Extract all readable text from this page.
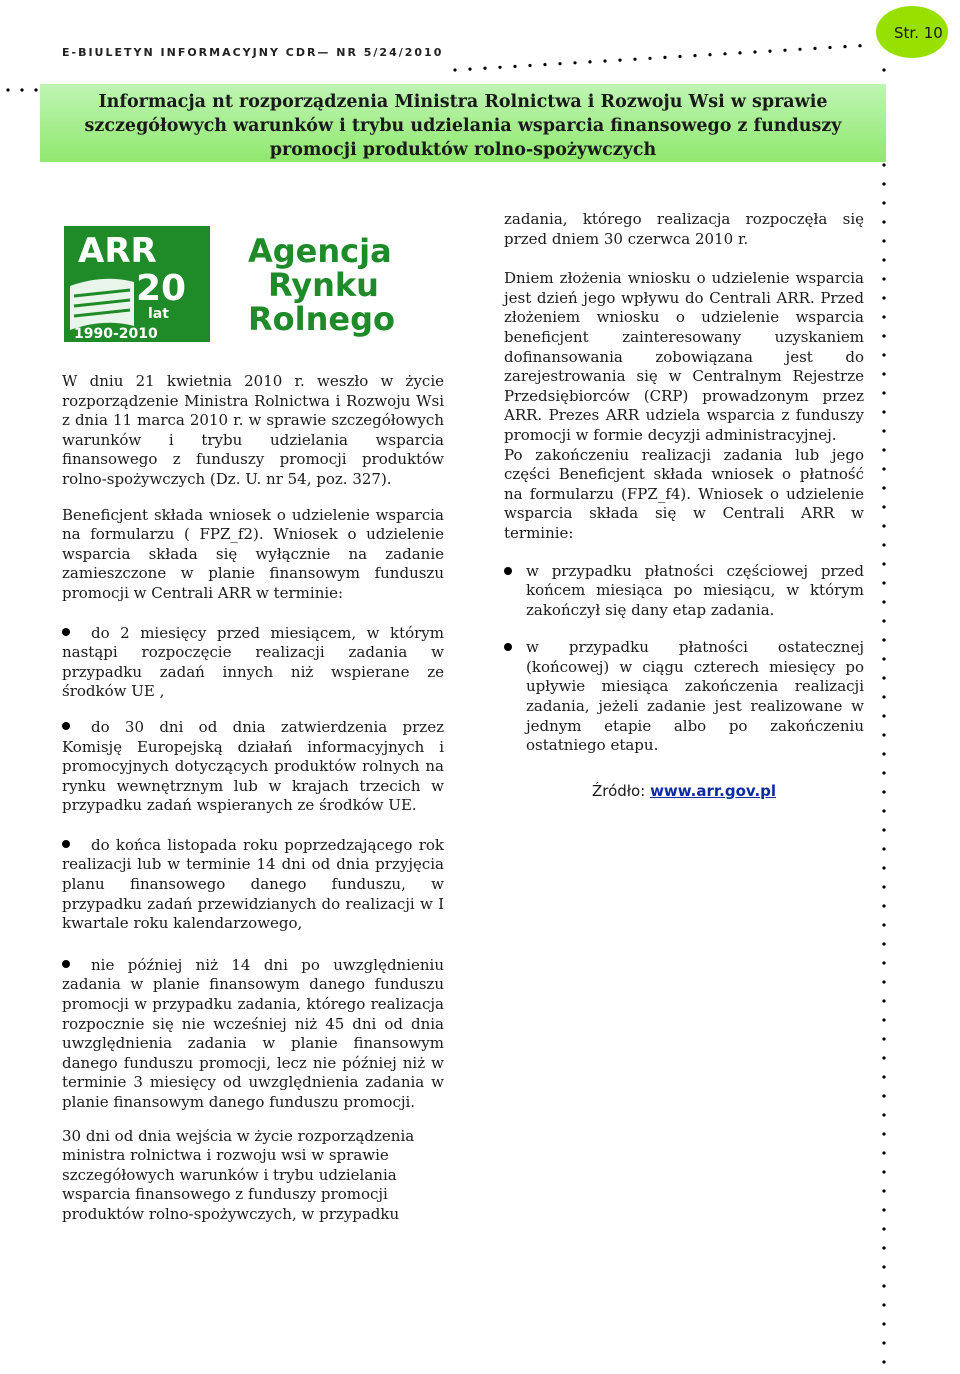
E-BIULETYN INFORMACYJNY CDR— NR 5/24/2010
Str. 10
Informacja nt rozporządzenia Ministra Rolnictwa i Rozwoju Wsi w sprawie
szczegółowych warunków i trybu udzielania wsparcia finansowego z funduszy
promocji produktów rolno-spożywczych
ARR
20
lat
1990-2010
Agencja
Rynku
Rolnego

W dniu 21 kwietnia 2010 r. weszło w życie rozporządzenie Ministra Rolnictwa i Rozwoju Wsi z dnia 11 marca 2010 r. w sprawie szczegółowych warunków i trybu udzielania wsparcia finansowego z funduszy promocji produktów rolno-spożywczych (Dz. U. nr 54, poz. 327).

Beneficjent składa wniosek o udzielenie wsparcia na formularzu ( FPZ_f2). Wniosek o udzielenie wsparcia składa się wyłącznie na zadanie zamieszczone w planie finansowym funduszu promocji w Centrali ARR w terminie:

do 2 miesięcy przed miesiącem, w którym nastąpi rozpoczęcie realizacji zadania w przypadku zadań innych niż wspierane ze środków UE ,

do 30 dni od dnia zatwierdzenia przez Komisję Europejską działań informacyjnych i promocyjnych dotyczących produktów rolnych na rynku wewnętrznym lub w krajach trzecich w przypadku zadań wspieranych ze środków UE.

do końca listopada roku poprzedzającego rok realizacji lub w terminie 14 dni od dnia przyjęcia planu finansowego danego funduszu, w przypadku zadań przewidzianych do realizacji w I kwartale roku kalendarzowego,

nie później niż 14 dni po uwzględnieniu zadania w planie finansowym danego funduszu promocji w przypadku zadania, którego realizacja rozpocznie się nie wcześniej niż 45 dni od dnia uwzględnienia zadania w planie finansowym danego funduszu promocji, lecz nie później niż w terminie 3 miesięcy od uwzględnienia zadania w planie finansowym danego funduszu promocji.

30 dni od dnia wejścia w życie rozporządzenia ministra rolnictwa i rozwoju wsi w sprawie szczegółowych warunków i trybu udzielania wsparcia finansowego z funduszy promocji produktów rolno-spożywczych, w przypadku

zadania, którego realizacja rozpoczęła się przed dniem 30 czerwca 2010 r.

Dniem złożenia wniosku o udzielenie wsparcia jest dzień jego wpływu do Centrali ARR. Przed złożeniem wniosku o udzielenie wsparcia beneficjent zainteresowany uzyskaniem dofinansowania zobowiązana jest do zarejestrowania się w Centralnym Rejestrze Przedsiębiorców (CRP) prowadzonym przez ARR. Prezes ARR udziela wsparcia z funduszy promocji w formie decyzji administracyjnej.

Po zakończeniu realizacji zadania lub jego części Beneficjent składa wniosek o płatność na formularzu (FPZ_f4). Wniosek o udzielenie wsparcia składa się w Centrali ARR w terminie:

w przypadku płatności częściowej przed końcem miesiąca po miesiącu, w którym zakończył się dany etap zadania.

w przypadku płatności ostatecznej (końcowej) w ciągu czterech miesięcy po upływie miesiąca zakończenia realizacji zadania, jeżeli zadanie jest realizowane w jednym etapie albo po zakończeniu ostatniego etapu.

Źródło: www.arr.gov.pl
